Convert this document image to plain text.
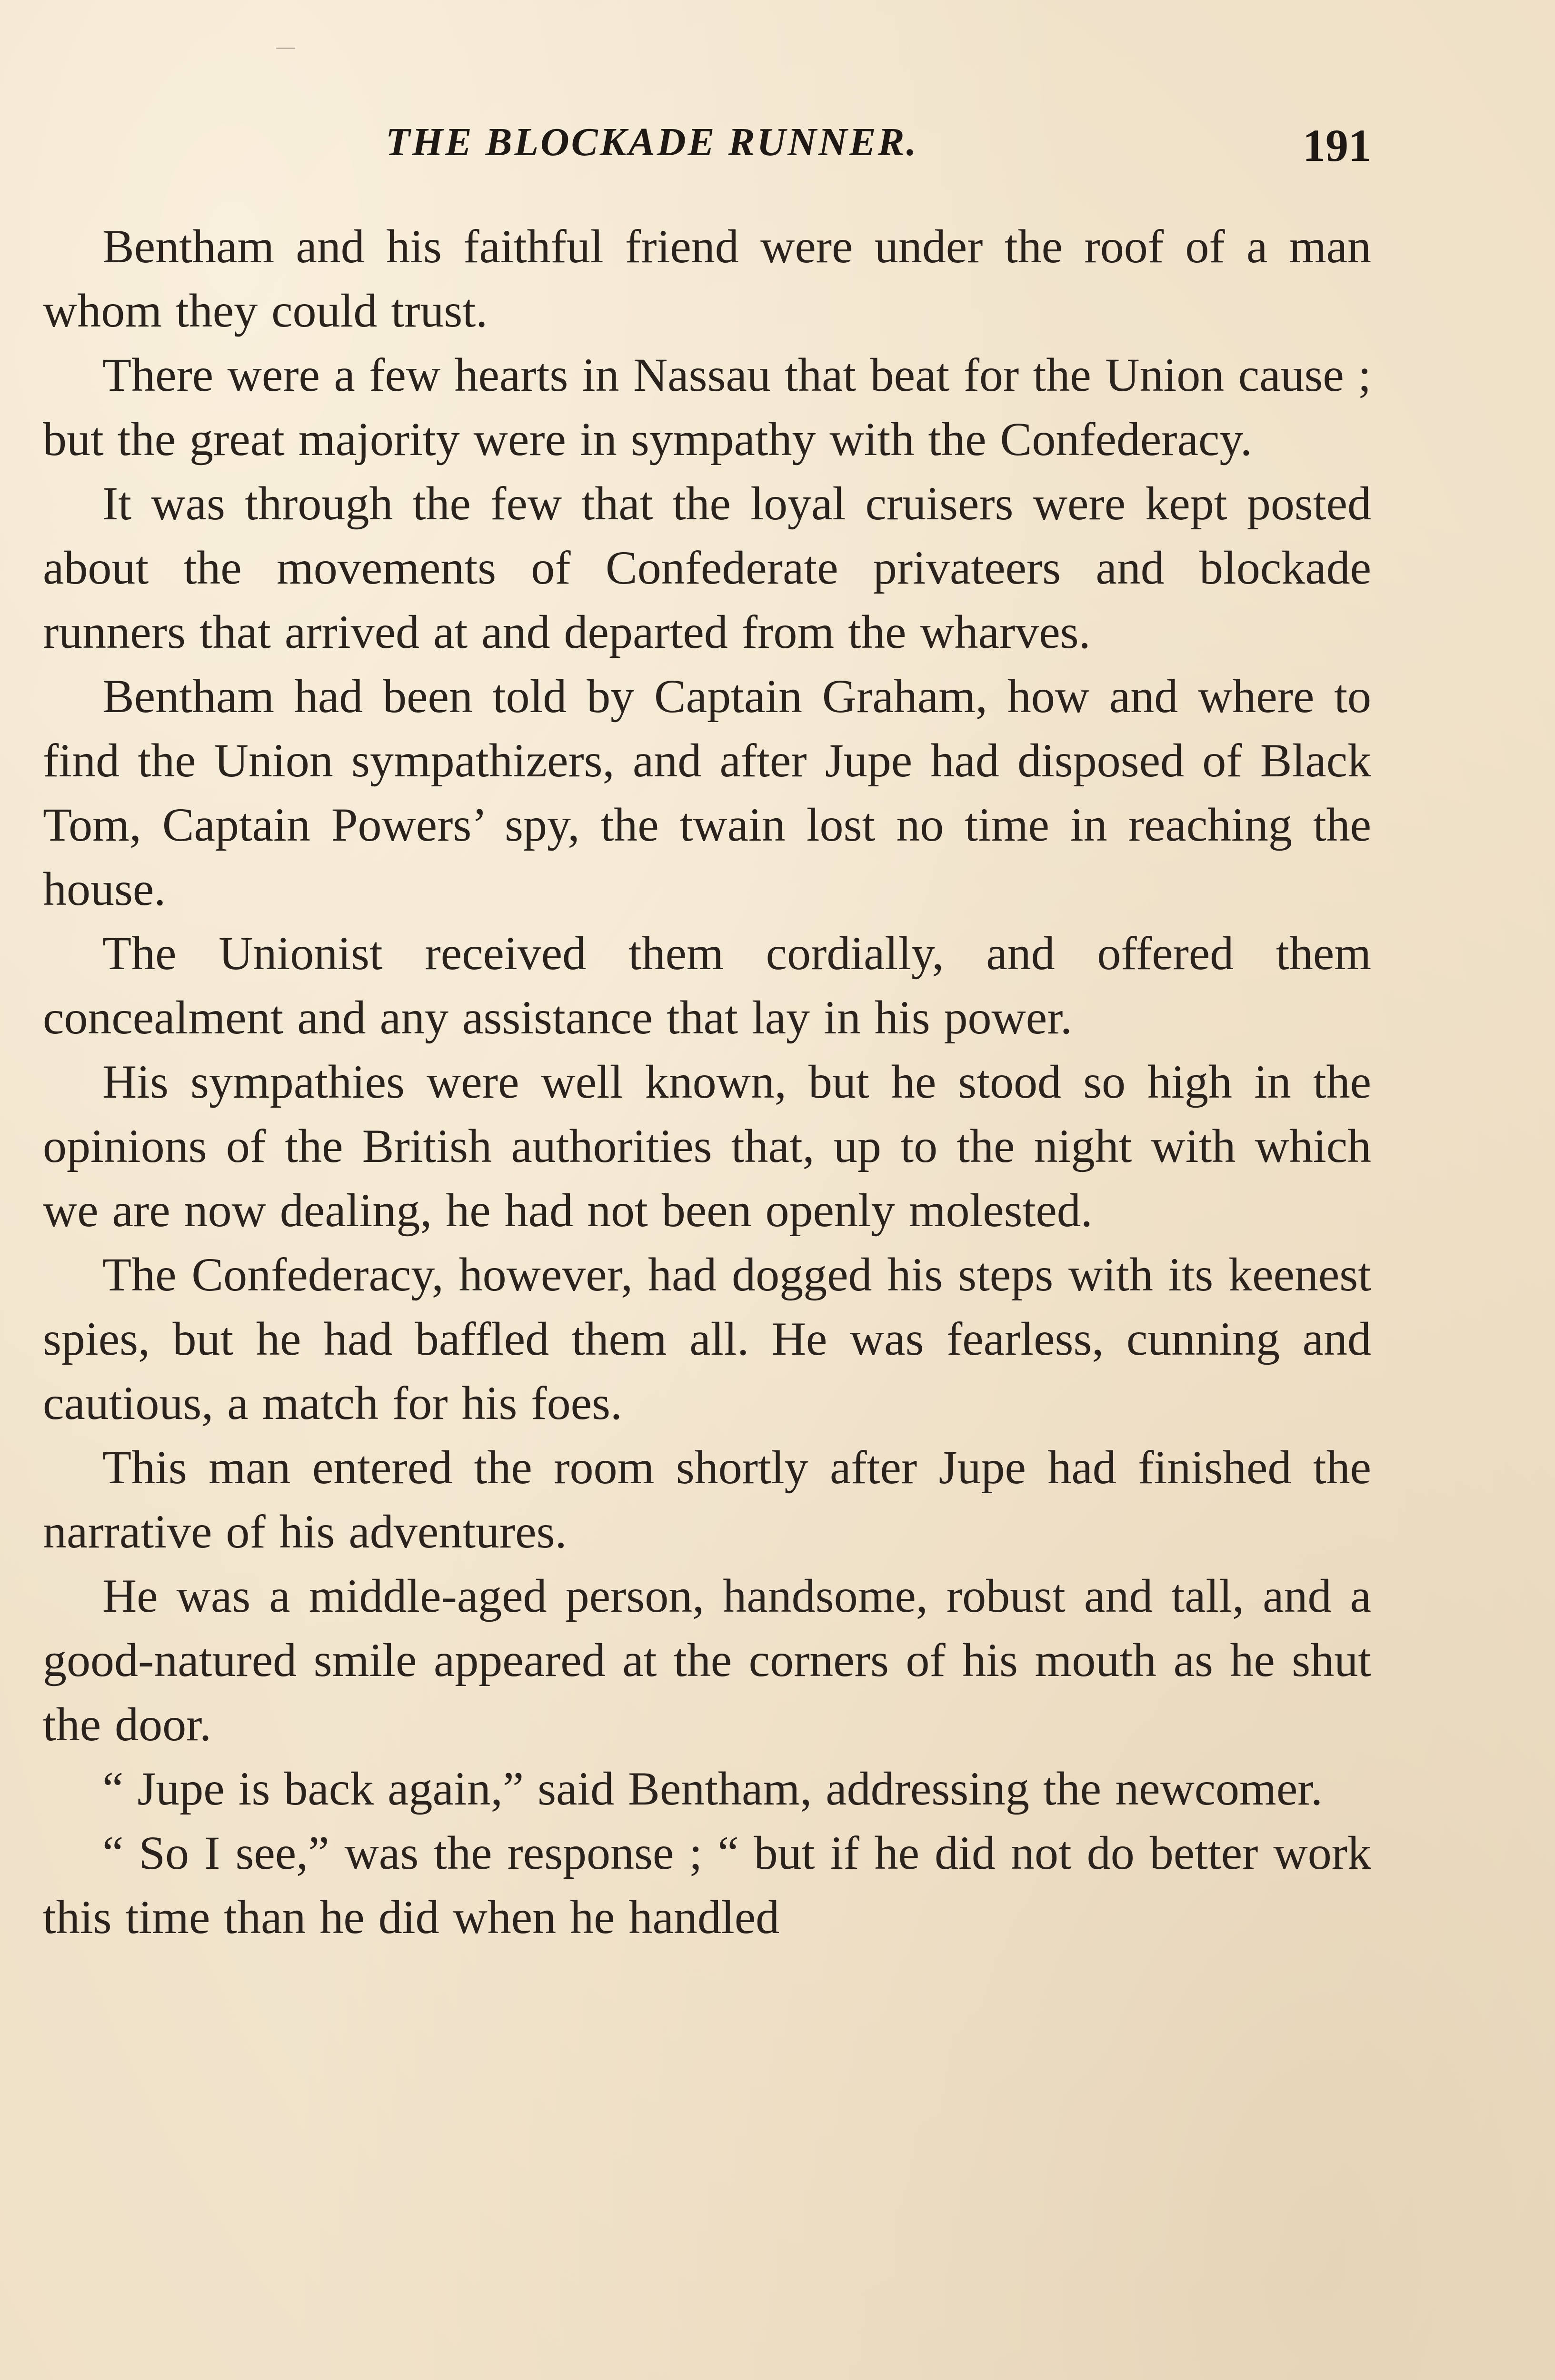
THE BLOCKADE RUNNER.	191

Bentham and his faithful friend were under the roof of a man whom they could trust.

There were a few hearts in Nassau that beat for the Union cause ; but the great majority were in sympathy with the Confederacy.

It was through the few that the loyal cruisers were kept posted about the movements of Confederate privateers and blockade runners that arrived at and departed from the wharves.

Bentham had been told by Captain Graham, how and where to find the Union sympathizers, and after Jupe had disposed of Black Tom, Captain Powers’ spy, the twain lost no time in reaching the house.

The Unionist received them cordially, and offered them concealment and any assistance that lay in his power.

His sympathies were well known, but he stood so high in the opinions of the British authorities that, up to the night with which we are now dealing, he had not been openly molested.

The Confederacy, however, had dogged his steps with its keenest spies, but he had baffled them all. He was fearless, cunning and cautious, a match for his foes.

This man entered the room shortly after Jupe had finished the narrative of his adventures.

He was a middle-aged person, handsome, robust and tall, and a good-natured smile appeared at the corners of his mouth as he shut the door.

“ Jupe is back again,” said Bentham, addressing the newcomer.

“ So I see,” was the response ; “ but if he did not do better work this time than he did when he handled
